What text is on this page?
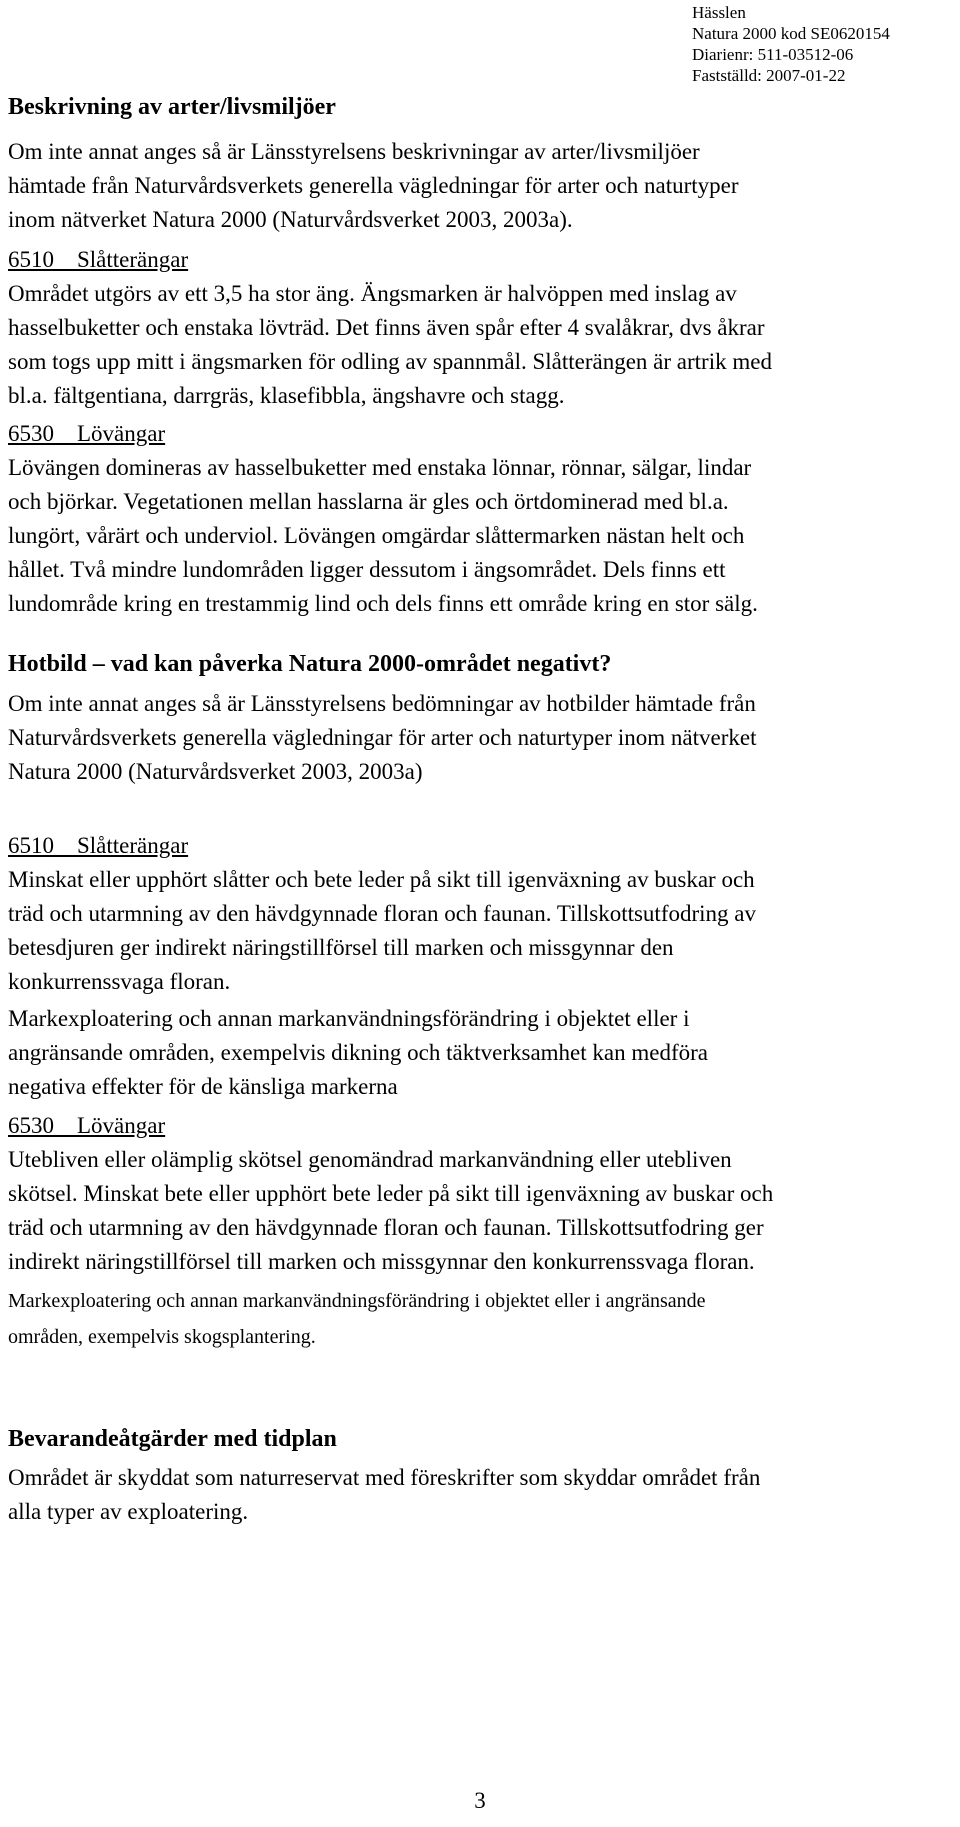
Hässlen
Natura 2000 kod SE0620154
Diarienr: 511-03512-06
Fastställd: 2007-01-22
Beskrivning av arter/livsmiljöer
Om inte annat anges så är Länsstyrelsens beskrivningar av arter/livsmiljöer
hämtade från Naturvårdsverkets generella vägledningar för arter och naturtyper
inom nätverket Natura 2000 (Naturvårdsverket 2003, 2003a).
6510    Slåtterängar
Området utgörs av ett 3,5 ha stor äng. Ängsmarken är halvöppen med inslag av
hasselbuketter och enstaka lövträd. Det finns även spår efter 4 svalåkrar, dvs åkrar
som togs upp mitt i ängsmarken för odling av spannmål. Slåtterängen är artrik med
bl.a. fältgentiana, darrgräs, klasefibbla, ängshavre och stagg.
6530    Lövängar
Lövängen domineras av hasselbuketter med enstaka lönnar, rönnar, sälgar, lindar
och björkar. Vegetationen mellan hasslarna är gles och örtdominerad med bl.a.
lungört, vårärt och underviol. Lövängen omgärdar slåttermarken nästan helt och
hållet. Två mindre lundområden ligger dessutom i ängsområdet. Dels finns ett
lundområde kring en trestammig lind och dels finns ett område kring en stor sälg.
Hotbild – vad kan påverka Natura 2000-området negativt?
Om inte annat anges så är Länsstyrelsens bedömningar av hotbilder hämtade från
Naturvårdsverkets generella vägledningar för arter och naturtyper inom nätverket
Natura 2000 (Naturvårdsverket 2003, 2003a)
6510    Slåtterängar
Minskat eller upphört slåtter och bete leder på sikt till igenväxning av buskar och
träd och utarmning av den hävdgynnade floran och faunan. Tillskottsutfodring av
betesdjuren ger indirekt näringstillförsel till marken och missgynnar den
konkurrenssvaga floran.
Markexploatering och annan markanvändningsförändring i objektet eller i
angränsande områden, exempelvis dikning och täktverksamhet kan medföra
negativa effekter för de känsliga markerna
6530    Lövängar
Utebliven eller olämplig skötsel genomändrad markanvändning eller utebliven
skötsel. Minskat bete eller upphört bete leder på sikt till igenväxning av buskar och
träd och utarmning av den hävdgynnade floran och faunan. Tillskottsutfodring ger
indirekt näringstillförsel till marken och missgynnar den konkurrenssvaga floran.
Markexploatering och annan markanvändningsförändring i objektet eller i angränsande
områden, exempelvis skogsplantering.
Bevarandeåtgärder med tidplan
Området är skyddat som naturreservat med föreskrifter som skyddar området från
alla typer av exploatering.
3
